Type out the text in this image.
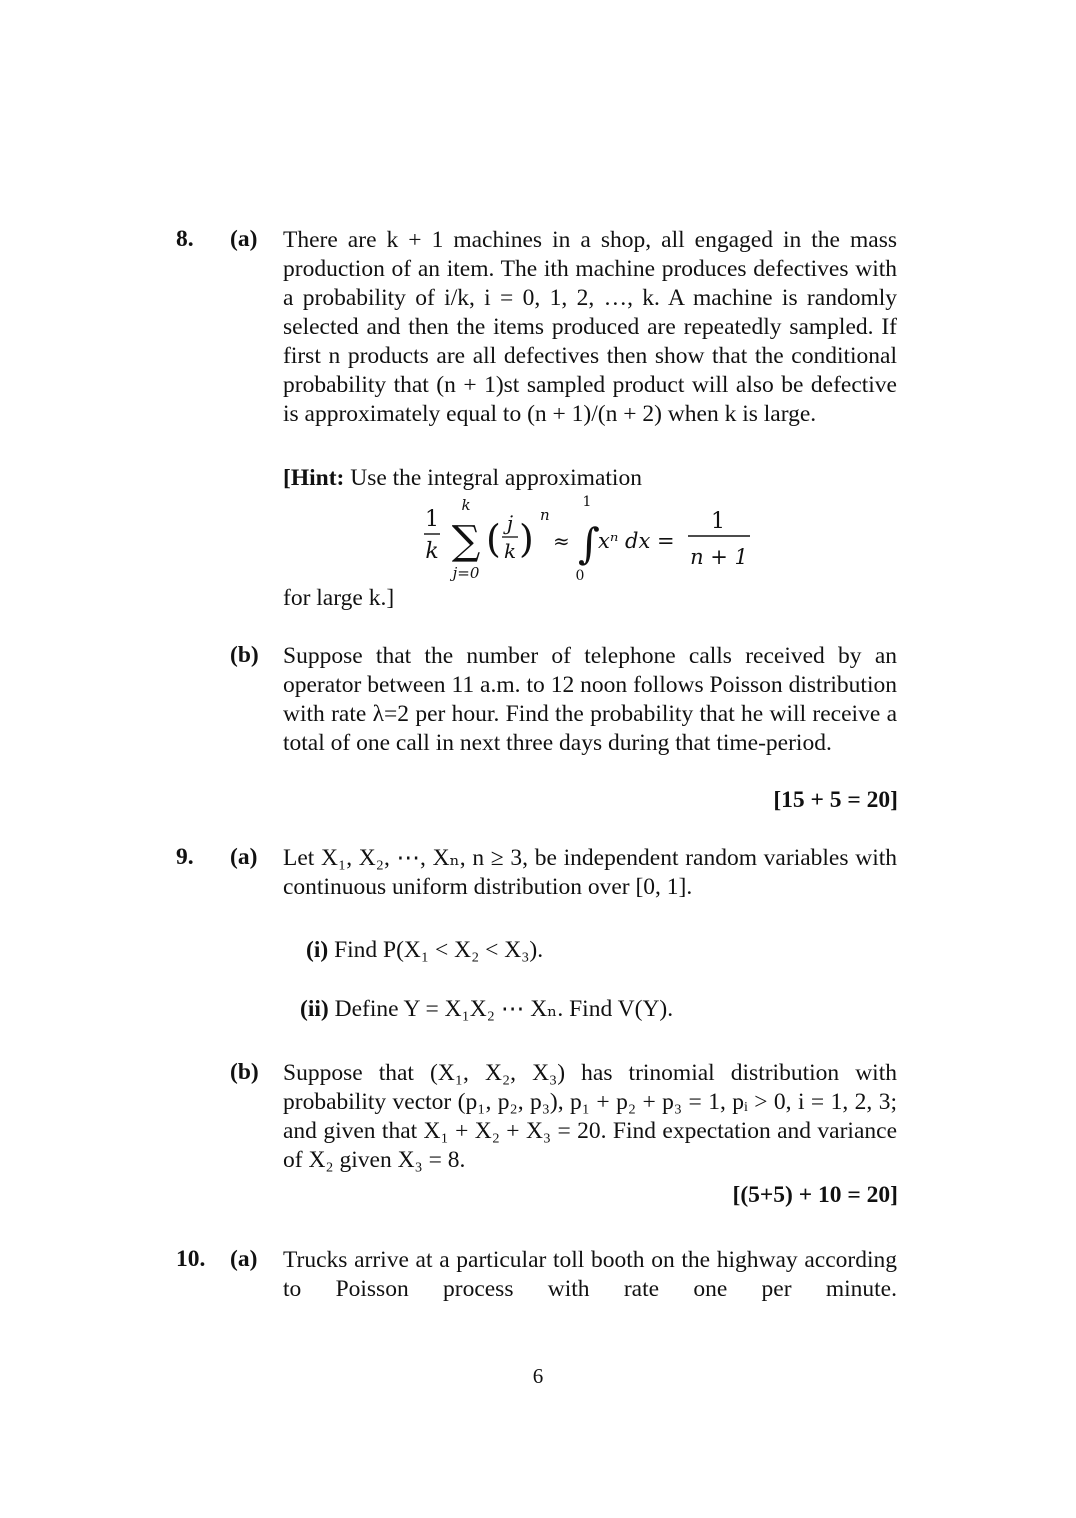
8. (a) There are k + 1 machines in a shop, all engaged in the mass production of an item. The ith machine produces defectives with a probability of i/k, i = 0, 1, 2, …, k. A machine is randomly selected and then the items produced are repeatedly sampled. If first n products are all defectives then show that the conditional probability that (n + 1)st sampled product will also be defective is approximately equal to (n + 1)/(n + 2) when k is large.
[Hint: Use the integral approximation
1
k
k
∑
j=0
( j
k )
n
≈
1
∫
0
xⁿ dx =
1
n + 1
for large k.]
(b) Suppose that the number of telephone calls received by an operator between 11 a.m. to 12 noon follows Poisson distribution with rate λ=2 per hour. Find the probability that he will receive a total of one call in next three days during that time-period.
[15 + 5 = 20]
9. (a) Let X₁, X₂, ⋯, Xₙ, n ≥ 3, be independent random variables with continuous uniform distribution over [0, 1].
(i) Find P(X₁ < X₂ < X₃).
(ii) Define Y = X₁X₂ ⋯ Xₙ. Find V(Y).
(b) Suppose that (X₁, X₂, X₃) has trinomial distribution with probability vector (p₁, p₂, p₃), p₁ + p₂ + p₃ = 1, pᵢ > 0, i = 1, 2, 3; and given that X₁ + X₂ + X₃ = 20. Find expectation and variance of X₂ given X₃ = 8.
[(5+5) + 10 = 20]
10. (a) Trucks arrive at a particular toll booth on the highway according to Poisson process with rate one per minute.
6
